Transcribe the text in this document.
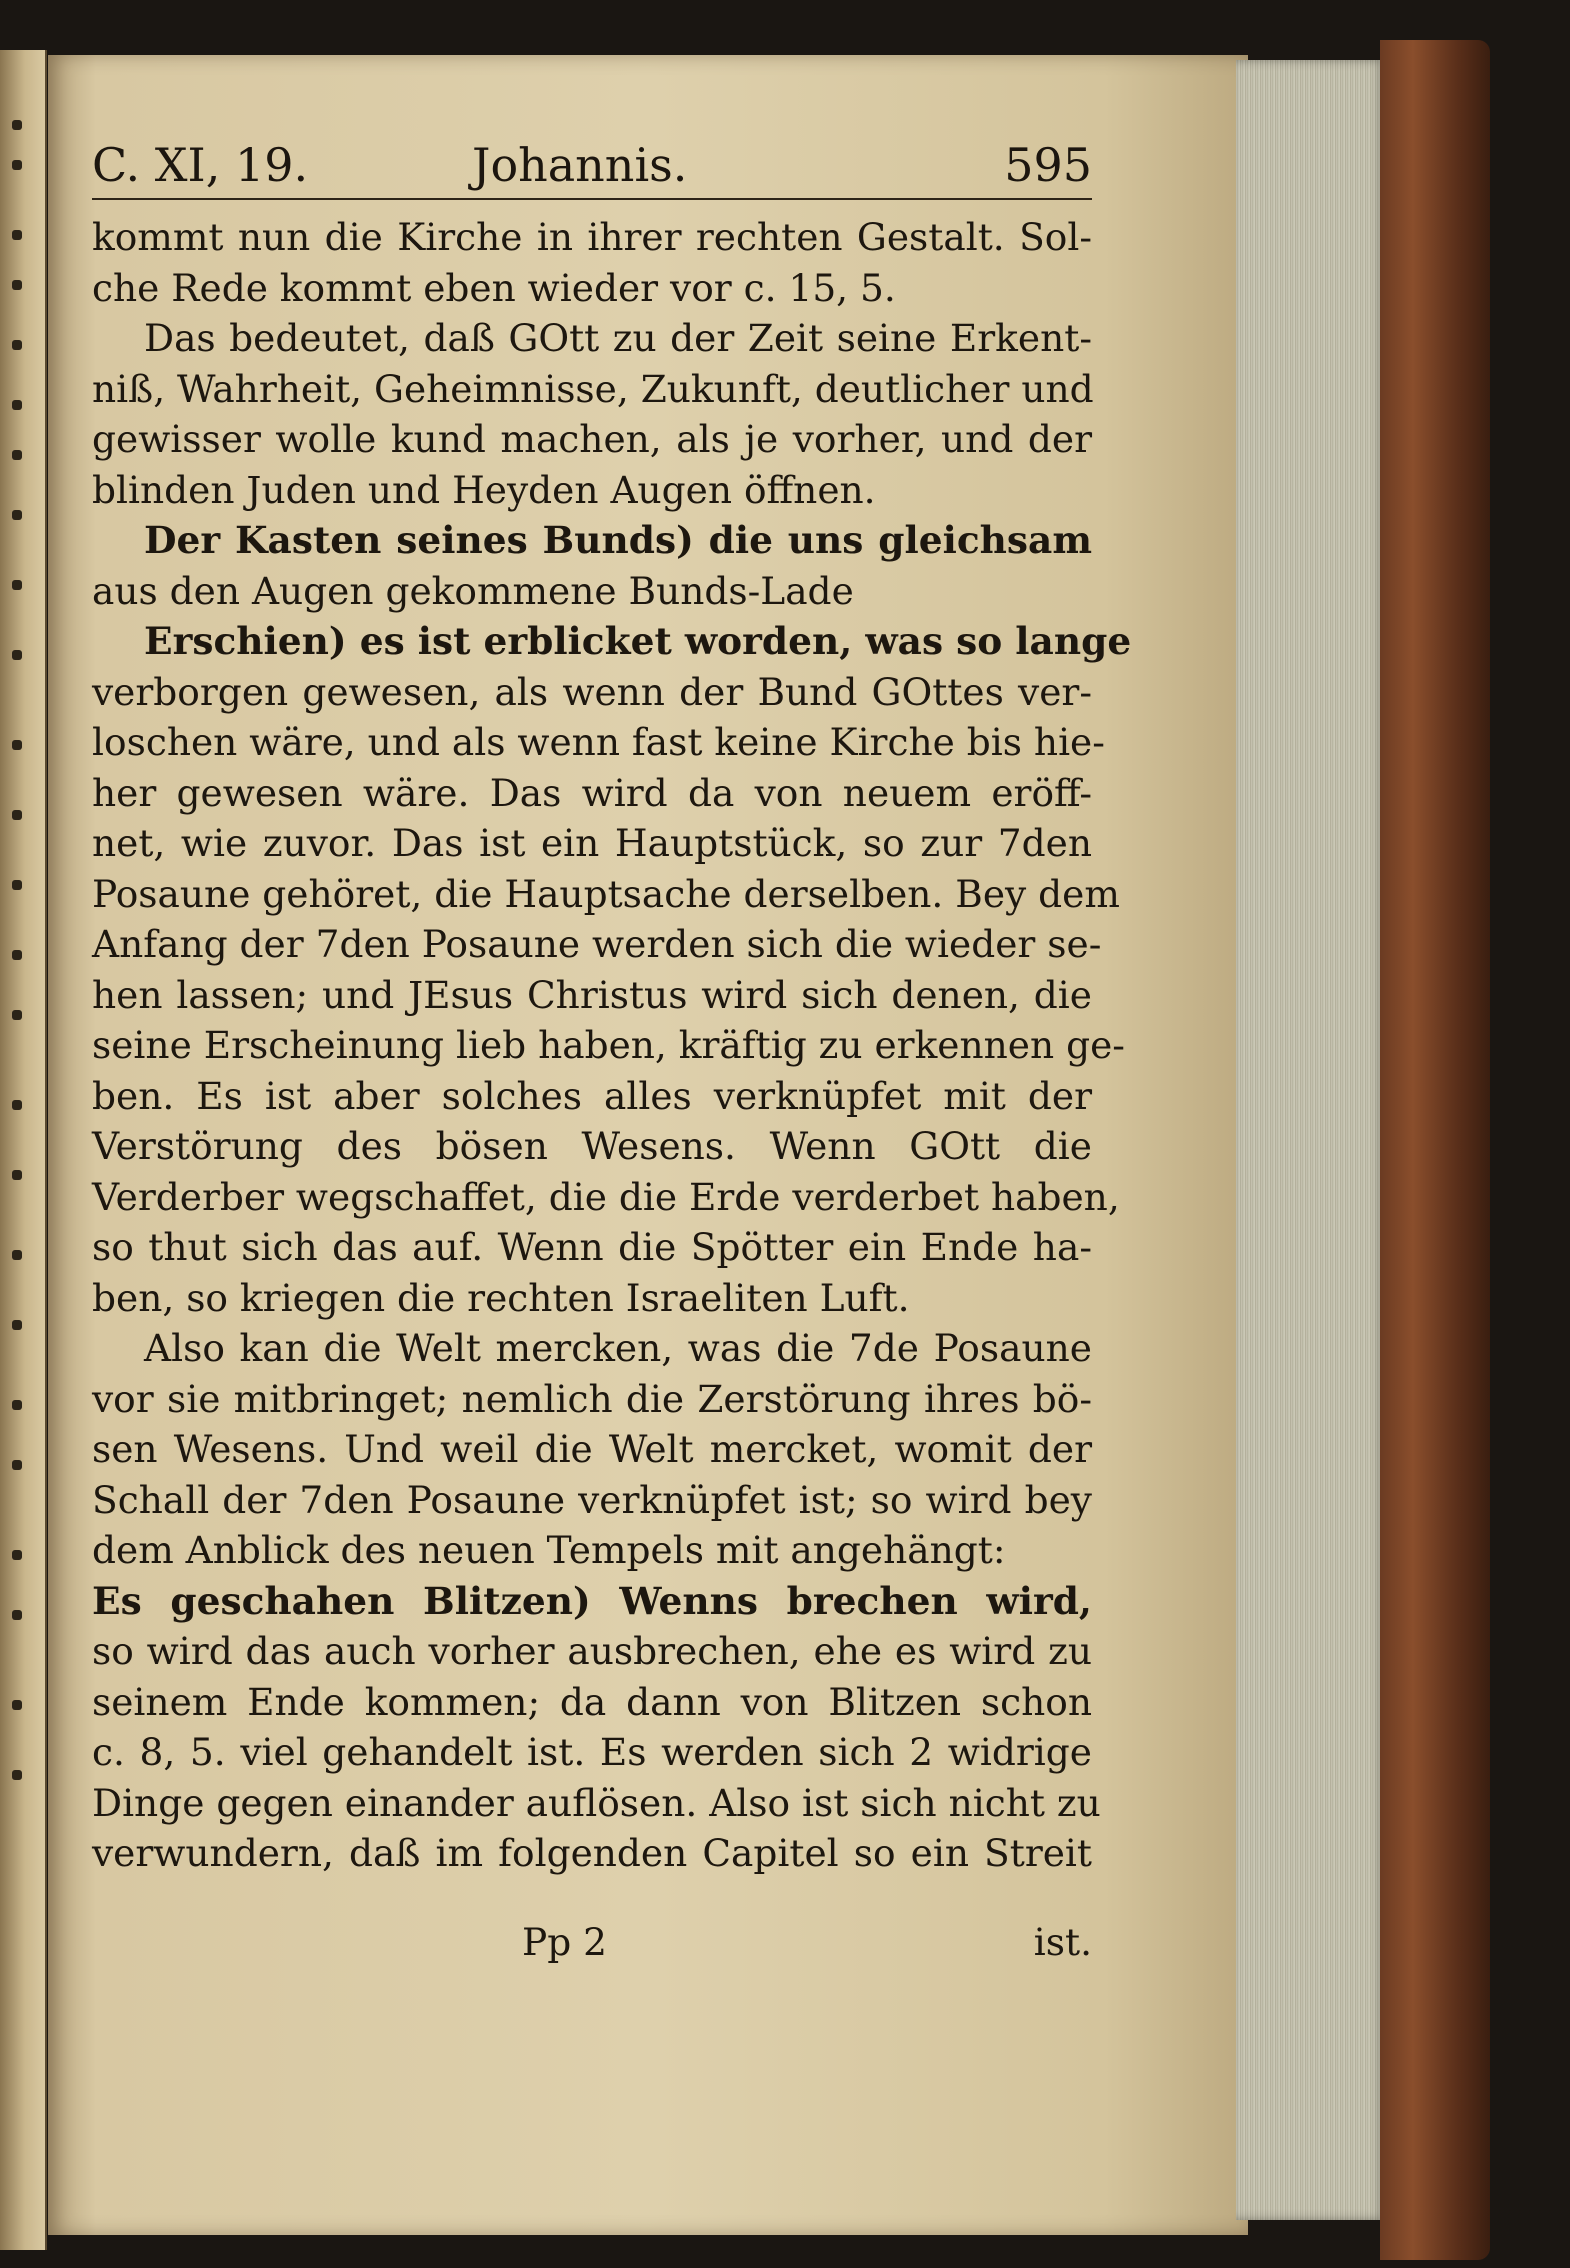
C. XI, 19.	Johannis.	595
kommt nun die Kirche in ihrer rechten Gestalt. Sol-
che Rede kommt eben wieder vor c. 15, 5.
Das bedeutet, daß GOtt zu der Zeit seine Erkent-
niß, Wahrheit, Geheimnisse, Zukunft, deutlicher und
gewisser wolle kund machen, als je vorher, und der
blinden Juden und Heyden Augen öffnen.
Der Kasten seines Bunds) die uns gleichsam
aus den Augen gekommene Bunds-Lade
Erschien) es ist erblicket worden, was so lange
verborgen gewesen, als wenn der Bund GOttes ver-
loschen wäre, und als wenn fast keine Kirche bis hie-
her gewesen wäre. Das wird da von neuem eröff-
net, wie zuvor. Das ist ein Hauptstück, so zur 7den
Posaune gehöret, die Hauptsache derselben. Bey dem
Anfang der 7den Posaune werden sich die wieder se-
hen lassen; und JEsus Christus wird sich denen, die
seine Erscheinung lieb haben, kräftig zu erkennen ge-
ben. Es ist aber solches alles verknüpfet mit der
Verstörung des bösen Wesens. Wenn GOtt die
Verderber wegschaffet, die die Erde verderbet haben,
so thut sich das auf. Wenn die Spötter ein Ende ha-
ben, so kriegen die rechten Israeliten Luft.
Also kan die Welt mercken, was die 7de Posaune
vor sie mitbringet; nemlich die Zerstörung ihres bö-
sen Wesens. Und weil die Welt mercket, womit der
Schall der 7den Posaune verknüpfet ist; so wird bey
dem Anblick des neuen Tempels mit angehängt:
Es geschahen Blitzen) Wenns brechen wird,
so wird das auch vorher ausbrechen, ehe es wird zu
seinem Ende kommen; da dann von Blitzen schon
c. 8, 5. viel gehandelt ist. Es werden sich 2 widrige
Dinge gegen einander auflösen. Also ist sich nicht zu
verwundern, daß im folgenden Capitel so ein Streit
Pp 2	ist.
